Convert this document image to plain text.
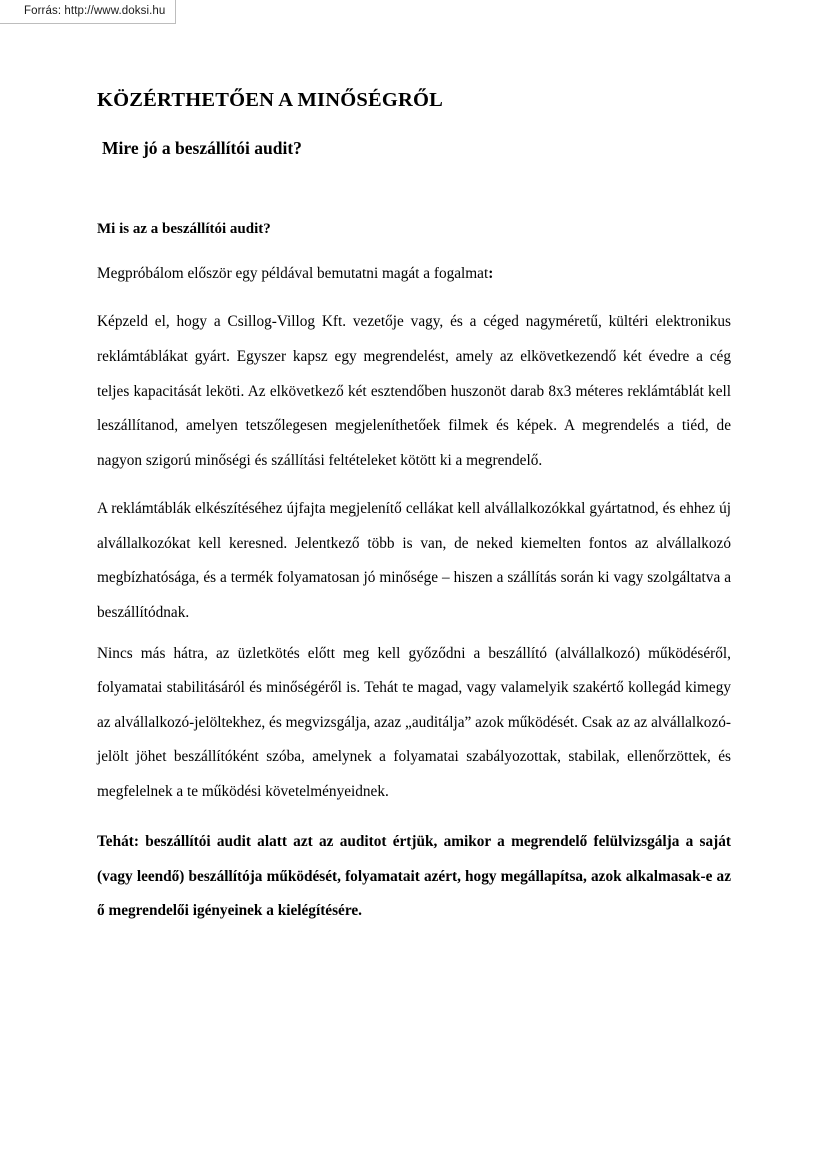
Forrás: http://www.doksi.hu
KÖZÉRTHETŐEN A MINŐSÉGRŐL
Mire jó a beszállítói audit?
Mi is az a beszállítói audit?

Megpróbálom először egy példával bemutatni magát a fogalmat:

Képzeld el, hogy a Csillog-Villog Kft. vezetője vagy, és a céged nagyméretű, kültéri elektronikus reklámtáblákat gyárt. Egyszer kapsz egy megrendelést, amely az elkövetkezendő két évedre a cég teljes kapacitását leköti. Az elkövetkező két esztendőben huszonöt darab 8x3 méteres reklámtáblát kell leszállítanod, amelyen tetszőlegesen megjeleníthetőek filmek és képek. A megrendelés a tiéd, de nagyon szigorú minőségi és szállítási feltételeket kötött ki a megrendelő.

A reklámtáblák elkészítéséhez újfajta megjelenítő cellákat kell alvállalkozókkal gyártatnod, és ehhez új alvállalkozókat kell keresned. Jelentkező több is van, de neked kiemelten fontos az alvállalkozó megbízhatósága, és a termék folyamatosan jó minősége – hiszen a szállítás során ki vagy szolgáltatva a beszállítódnak.

Nincs más hátra, az üzletkötés előtt meg kell győződni a beszállító (alvállalkozó) működéséről, folyamatai stabilitásáról és minőségéről is. Tehát te magad, vagy valamelyik szakértő kollegád kimegy az alvállalkozó-jelöltekhez, és megvizsgálja, azaz „auditálja” azok működését. Csak az az alvállalkozó-jelölt jöhet beszállítóként szóba, amelynek a folyamatai szabályozottak, stabilak, ellenőrzöttek, és megfelelnek a te működési követelményeidnek.

Tehát: beszállítói audit alatt azt az auditot értjük, amikor a megrendelő felülvizsgálja a saját (vagy leendő) beszállítója működését, folyamatait azért, hogy megállapítsa, azok alkalmasak-e az ő megrendelői igényeinek a kielégítésére.
